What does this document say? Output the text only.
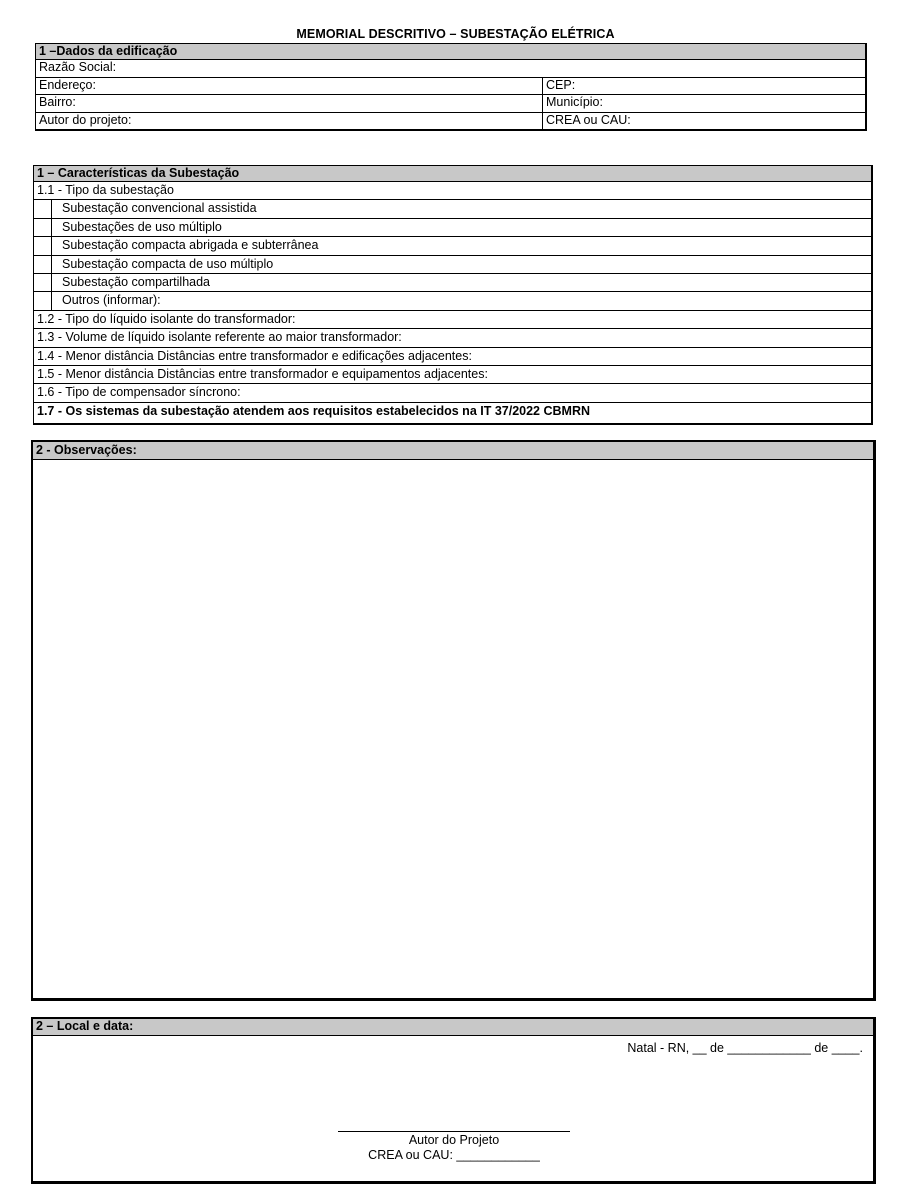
MEMORIAL DESCRITIVO – SUBESTAÇÃO ELÉTRICA
1 –Dados da edificação
Razão Social:
Endereço:	CEP:
Bairro:	Município:
Autor do projeto:	CREA ou CAU:
1 – Características da Subestação
1.1 - Tipo da subestação
Subestação convencional assistida
Subestações de uso múltiplo
Subestação compacta abrigada e subterrânea
Subestação compacta de uso múltiplo
Subestação compartilhada
Outros (informar):
1.2 - Tipo do líquido isolante do transformador:
1.3 - Volume de líquido isolante referente ao maior transformador:
1.4 - Menor distância Distâncias entre transformador e edificações adjacentes:
1.5 - Menor distância Distâncias entre transformador e equipamentos adjacentes:
1.6 - Tipo de compensador síncrono:
1.7 - Os sistemas da subestação atendem aos requisitos estabelecidos na IT 37/2022 CBMRN
2 - Observações:
2 – Local e data:
Natal - RN, __ de ____________ de ____.
Autor do Projeto
CREA ou CAU: ____________
